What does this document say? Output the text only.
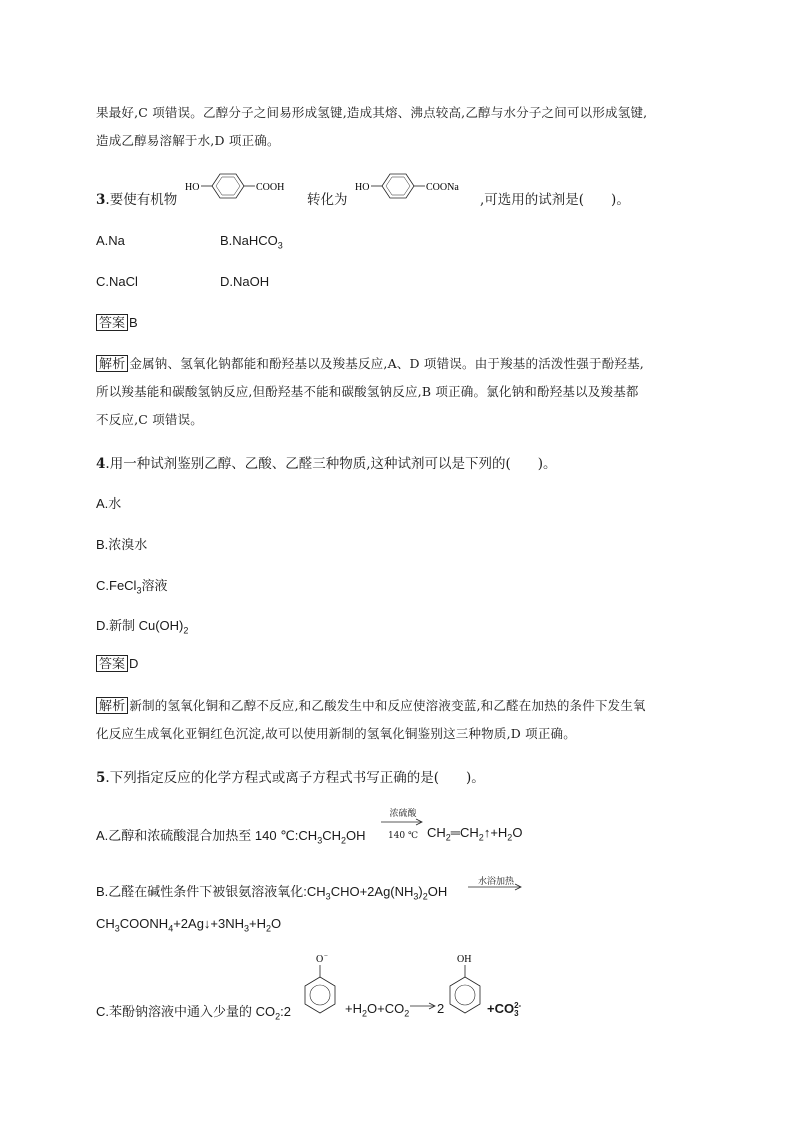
果最好,C 项错误。乙醇分子之间易形成氢键,造成其熔、沸点较高,乙醇与水分子之间可以形成氢键,
造成乙醇易溶解于水,D 项正确。
3.要使有机物
HO	COOH
转化为
HO	COONa
,可选用的试剂是(　　)。
A.Na	B.NaHCO$_3$
C.NaCl	D.NaOH
答案 B
解析 金属钠、氢氧化钠都能和酚羟基以及羧基反应,A、D 项错误。由于羧基的活泼性强于酚羟基,
所以羧基能和碳酸氢钠反应,但酚羟基不能和碳酸氢钠反应,B 项正确。氯化钠和酚羟基以及羧基都
不反应,C 项错误。
4.用一种试剂鉴别乙醇、乙酸、乙醛三种物质,这种试剂可以是下列的(　　)。
A.水
B.浓溴水
C.FeCl$_3$溶液
D.新制 $Cu(OH)_2$
答案 D
解析 新制的氢氧化铜和乙醇不反应,和乙酸发生中和反应使溶液变蓝,和乙醛在加热的条件下发生氧
化反应生成氧化亚铜红色沉淀,故可以使用新制的氢氧化铜鉴别这三种物质,D 项正确。
5.下列指定反应的化学方程式或离子方程式书写正确的是(　　)。
A.乙醇和浓硫酸混合加热至 140 $℃:CH_3CH_2OH$
浓硫酸
140 ℃ $CH_2═CH_2↑+H_2O$
B.乙醛在碱性条件下被银氨溶液氧化$:CH_3CHO+2Ag(NH_3)_2OH$
水浴加热
$CH_3COONH_4+2Ag↓+3NH_3+H_2O$
C.苯酚钠溶液中通入少量的 $CO_2:2$
O −
$+H_2O+CO_2 \to 2$
OH
+CO 2-
3
